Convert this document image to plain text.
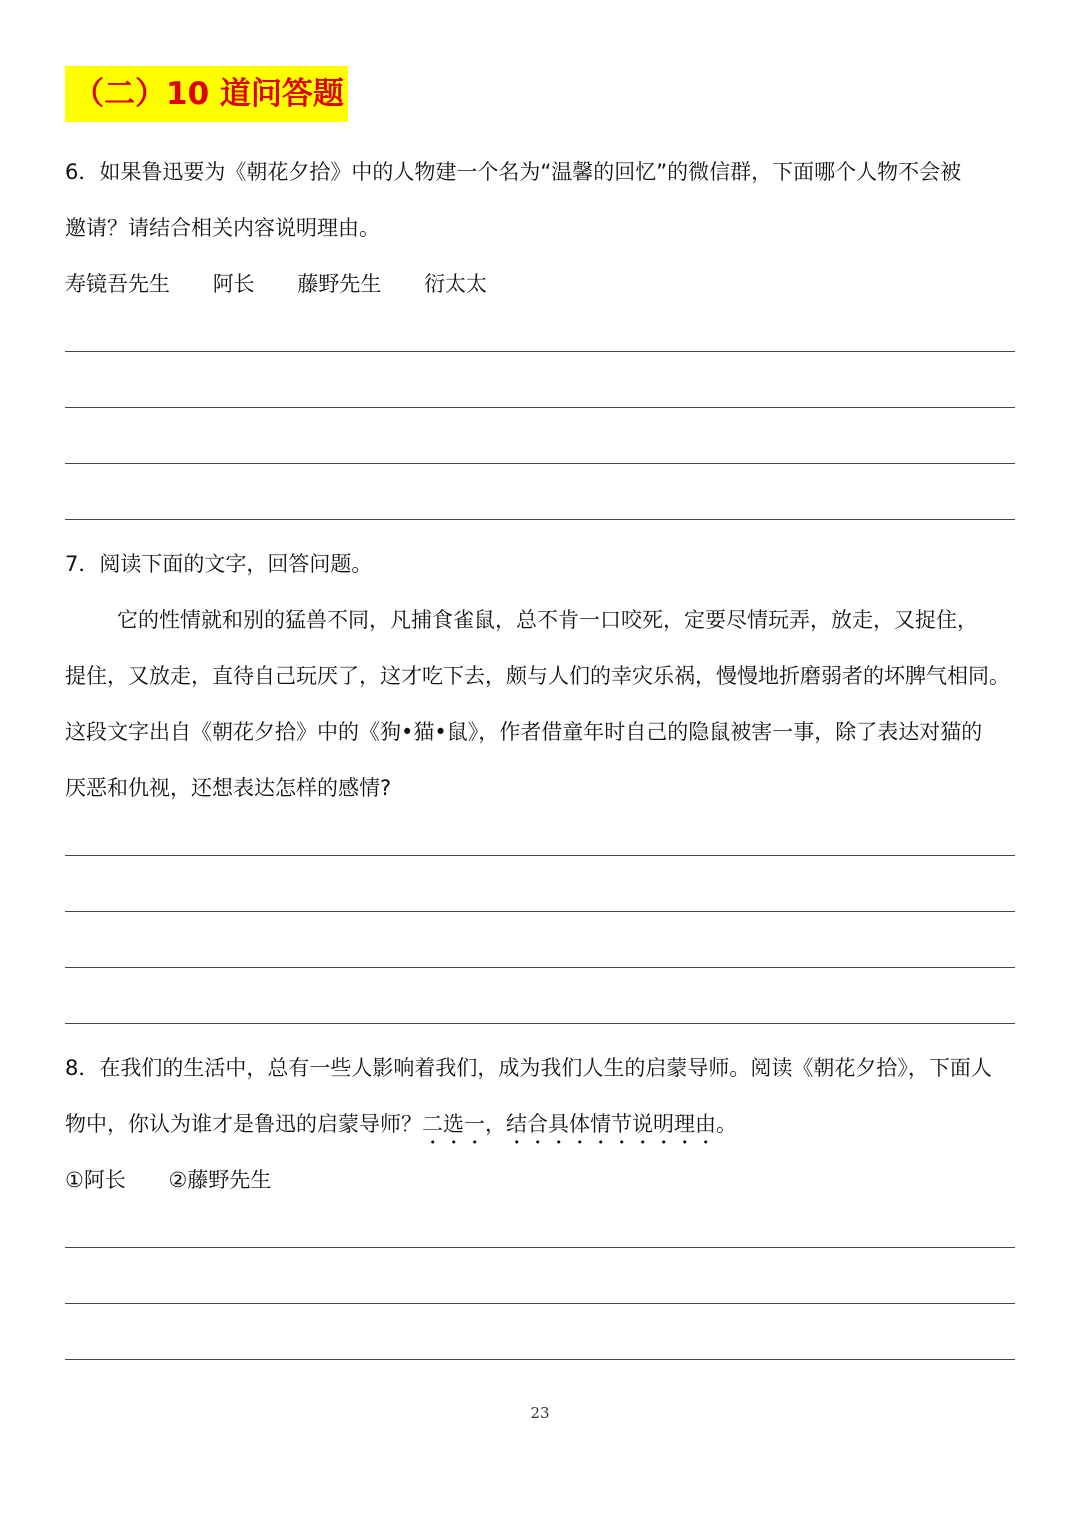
（二）10 道问答题
6．如果鲁迅要为《朝花夕拾》中的人物建一个名为“温馨的回忆”的微信群，下面哪个人物不会被
邀请？请结合相关内容说明理由。
寿镜吾先生 阿长 藤野先生 衍太太
7．阅读下面的文字，回答问题。
它的性情就和别的猛兽不同，凡捕食雀鼠，总不肯一口咬死，定要尽情玩弄，放走，又捉住，
提住，又放走，直待自己玩厌了，这才吃下去，颇与人们的幸灾乐祸，慢慢地折磨弱者的坏脾气相同。
这段文字出自《朝花夕拾》中的《狗•猫•鼠》，作者借童年时自己的隐鼠被害一事，除了表达对猫的
厌恶和仇视，还想表达怎样的感情?
8．在我们的生活中，总有一些人影响着我们，成为我们人生的启蒙导师。阅读《朝花夕拾》，下面人
物中，你认为谁才是鲁迅的启蒙导师？二选一，结合具体情节说明理由。
①阿长 ②藤野先生
23
